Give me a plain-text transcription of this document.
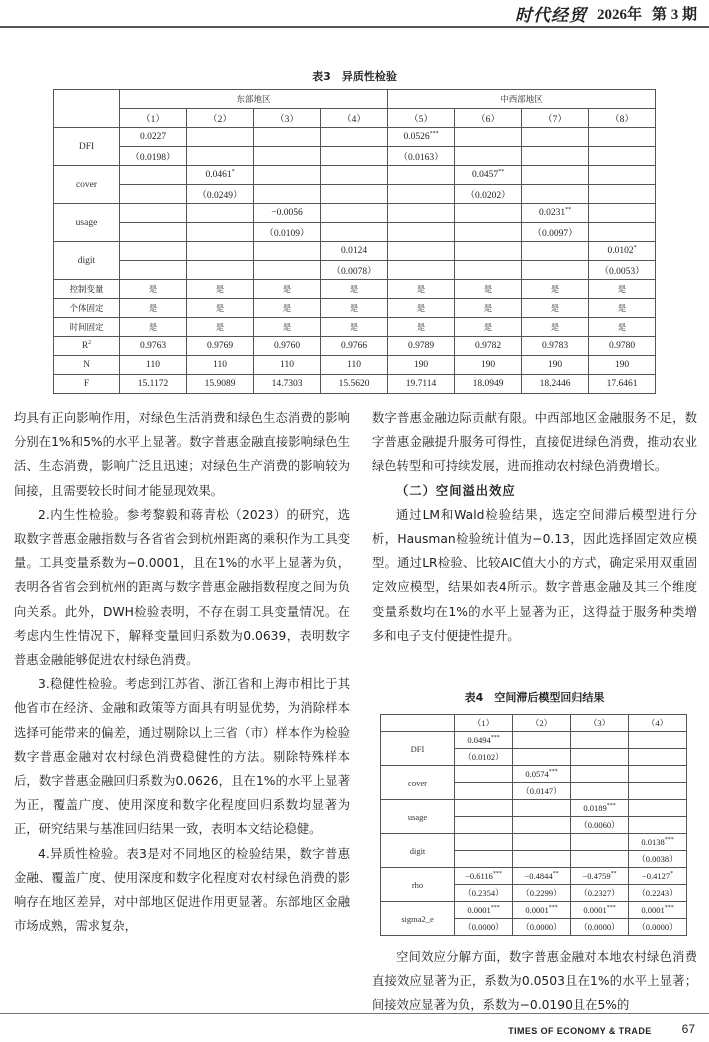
时代经贸 2026年 第 3 期
表3　异质性检验
	东部地区				中西部地区			
	（1）	（2）	（3）	（4）	（5）	（6）	（7）	（8）
DFI	0.0227				0.0526***			
	（0.0198）				（0.0163）			
cover		0.0461*				0.0457**		
		（0.0249）				（0.0202）		
usage			−0.0056				0.0231**	
			（0.0109）				（0.0097）	
digit				0.0124				0.0102*
				（0.0078）				（0.0053）
控制变量	是	是	是	是	是	是	是	是
个体固定	是	是	是	是	是	是	是	是
时间固定	是	是	是	是	是	是	是	是
$R^2$	0.9763	0.9769	0.9760	0.9766	0.9789	0.9782	0.9783	0.9780
N	110	110	110	110	190	190	190	190
F	15.1172	15.9089	14.7303	15.5620	19.7114	18.0949	18.2446	17.6461

均具有正向影响作用，对绿色生活消费和绿色生态消费的影响分别在1%和5%的水平上显著。数字普惠金融直接影响绿色生活、生态消费，影响广泛且迅速；对绿色生产消费的影响较为间接，且需要较长时间才能显现效果。

2.内生性检验。参考黎毅和蒋青松（2023）的研究，选取数字普惠金融指数与各省省会到杭州距离的乘积作为工具变量。工具变量系数为−0.0001，且在1%的水平上显著为负，表明各省省会到杭州的距离与数字普惠金融指数程度之间为负向关系。此外，DWH检验表明，不存在弱工具变量情况。在考虑内生性情况下，解释变量回归系数为0.0639，表明数字普惠金融能够促进农村绿色消费。

3.稳健性检验。考虑到江苏省、浙江省和上海市相比于其他省市在经济、金融和政策等方面具有明显优势，为消除样本选择可能带来的偏差，通过剔除以上三省（市）样本作为检验数字普惠金融对农村绿色消费稳健性的方法。剔除特殊样本后，数字普惠金融回归系数为0.0626，且在1%的水平上显著为正，覆盖广度、使用深度和数字化程度回归系数均显著为正，研究结果与基准回归结果一致，表明本文结论稳健。

4.异质性检验。表3是对不同地区的检验结果，数字普惠金融、覆盖广度、使用深度和数字化程度对农村绿色消费的影响存在地区差异，对中部地区促进作用更显著。东部地区金融市场成熟，需求复杂，

数字普惠金融边际贡献有限。中西部地区金融服务不足，数字普惠金融提升服务可得性，直接促进绿色消费，推动农业绿色转型和可持续发展，进而推动农村绿色消费增长。

（二）空间溢出效应

通过LM和Wald检验结果，选定空间滞后模型进行分析，Hausman检验统计值为−0.13，因此选择固定效应模型。通过LR检验、比较AIC值大小的方式，确定采用双重固定效应模型，结果如表4所示。数字普惠金融及其三个维度变量系数均在1%的水平上显著为正，这得益于服务种类增多和电子支付便捷性提升。

表4　空间滞后模型回归结果
	（1）	（2）	（3）	（4）
DFI	0.0494***			
	（0.0102）			
cover		0.0574***		
		（0.0147）		
usage			0.0189***	
			（0.0060）	
digit				0.0138***
				（0.0038）
rho	−0.6116***	−0.4844**	−0.4759**	−0.4127*
	（0.2354）	（0.2299）	（0.2327）	（0.2243）
sigma2_e	0.0001***	0.0001***	0.0001***	0.0001***
	（0.0000）	（0.0000）	（0.0000）	（0.0000）

空间效应分解方面，数字普惠金融对本地农村绿色消费直接效应显著为正，系数为0.0503且在1%的水平上显著；间接效应显著为负，系数为−0.0190且在5%的

TIMES OF ECONOMY & TRADE	67
